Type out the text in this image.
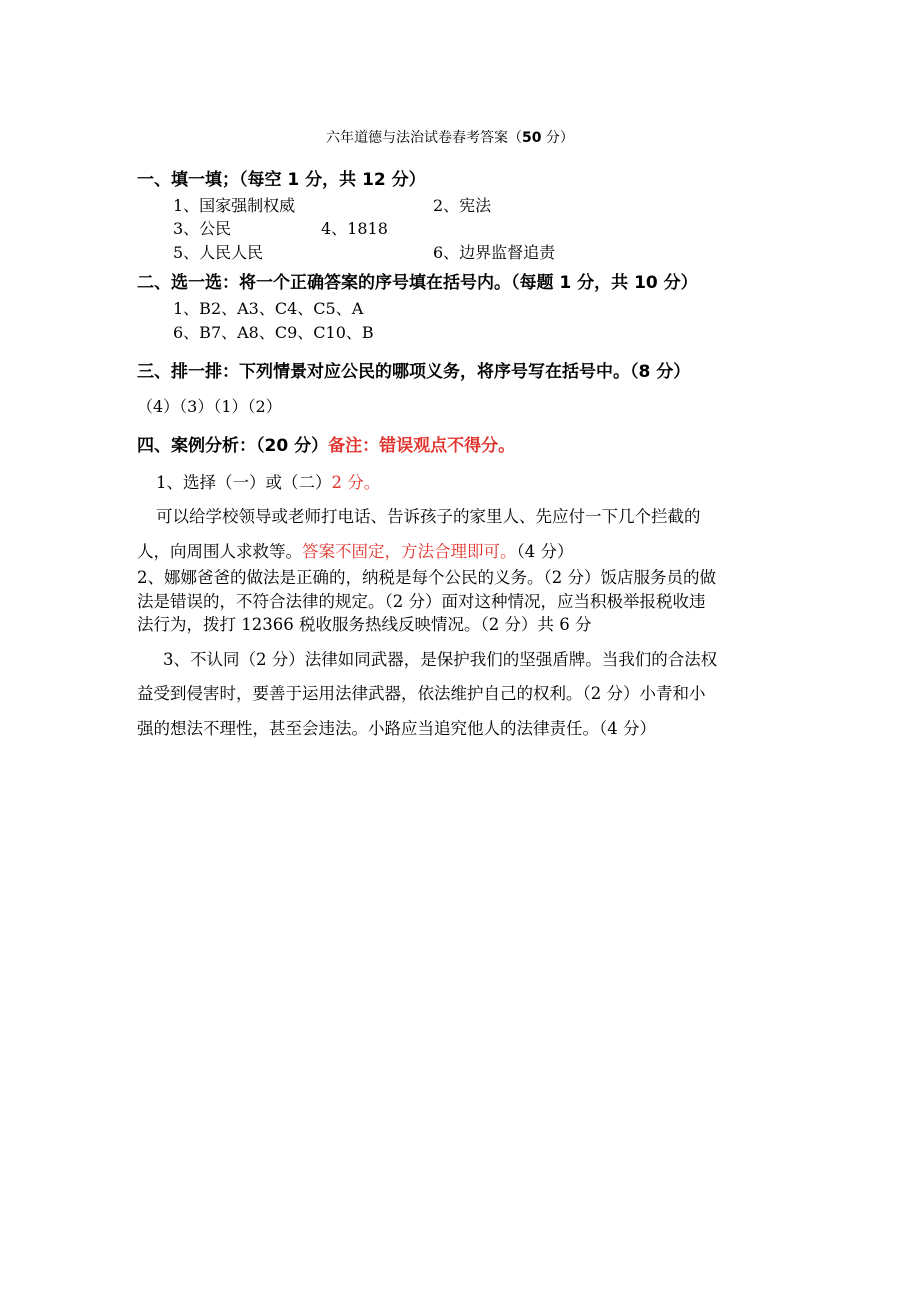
六年道德与法治试卷春考答案（50 分）
一、填一填；（每空 1 分，共 12 分）
1、国家强制权威	2、宪法
3、公民	4、1818
5、人民人民	6、边界监督追责
二、选一选：将一个正确答案的序号填在括号内。（每题 1 分，共 10 分）
1、B2、A3、C4、C5、A
6、B7、A8、C9、C10、B
三、排一排：下列情景对应公民的哪项义务，将序号写在括号中。（8 分）
（4）（3）（1）（2）
四、案例分析：（20 分）备注：错误观点不得分。
1、选择（一）或（二）2 分。
可以给学校领导或老师打电话、告诉孩子的家里人、先应付一下几个拦截的
人，向周围人求救等。答案不固定，方法合理即可。（4 分）
2、娜娜爸爸的做法是正确的，纳税是每个公民的义务。（2 分）饭店服务员的做
法是错误的，不符合法律的规定。（2 分）面对这种情况，应当积极举报税收违
法行为，拨打 12366 税收服务热线反映情况。（2 分）共 6 分
3、不认同（2 分）法律如同武器，是保护我们的坚强盾牌。当我们的合法权
益受到侵害时，要善于运用法律武器，依法维护自己的权利。（2 分）小青和小
强的想法不理性，甚至会违法。小路应当追究他人的法律责任。（4 分）
